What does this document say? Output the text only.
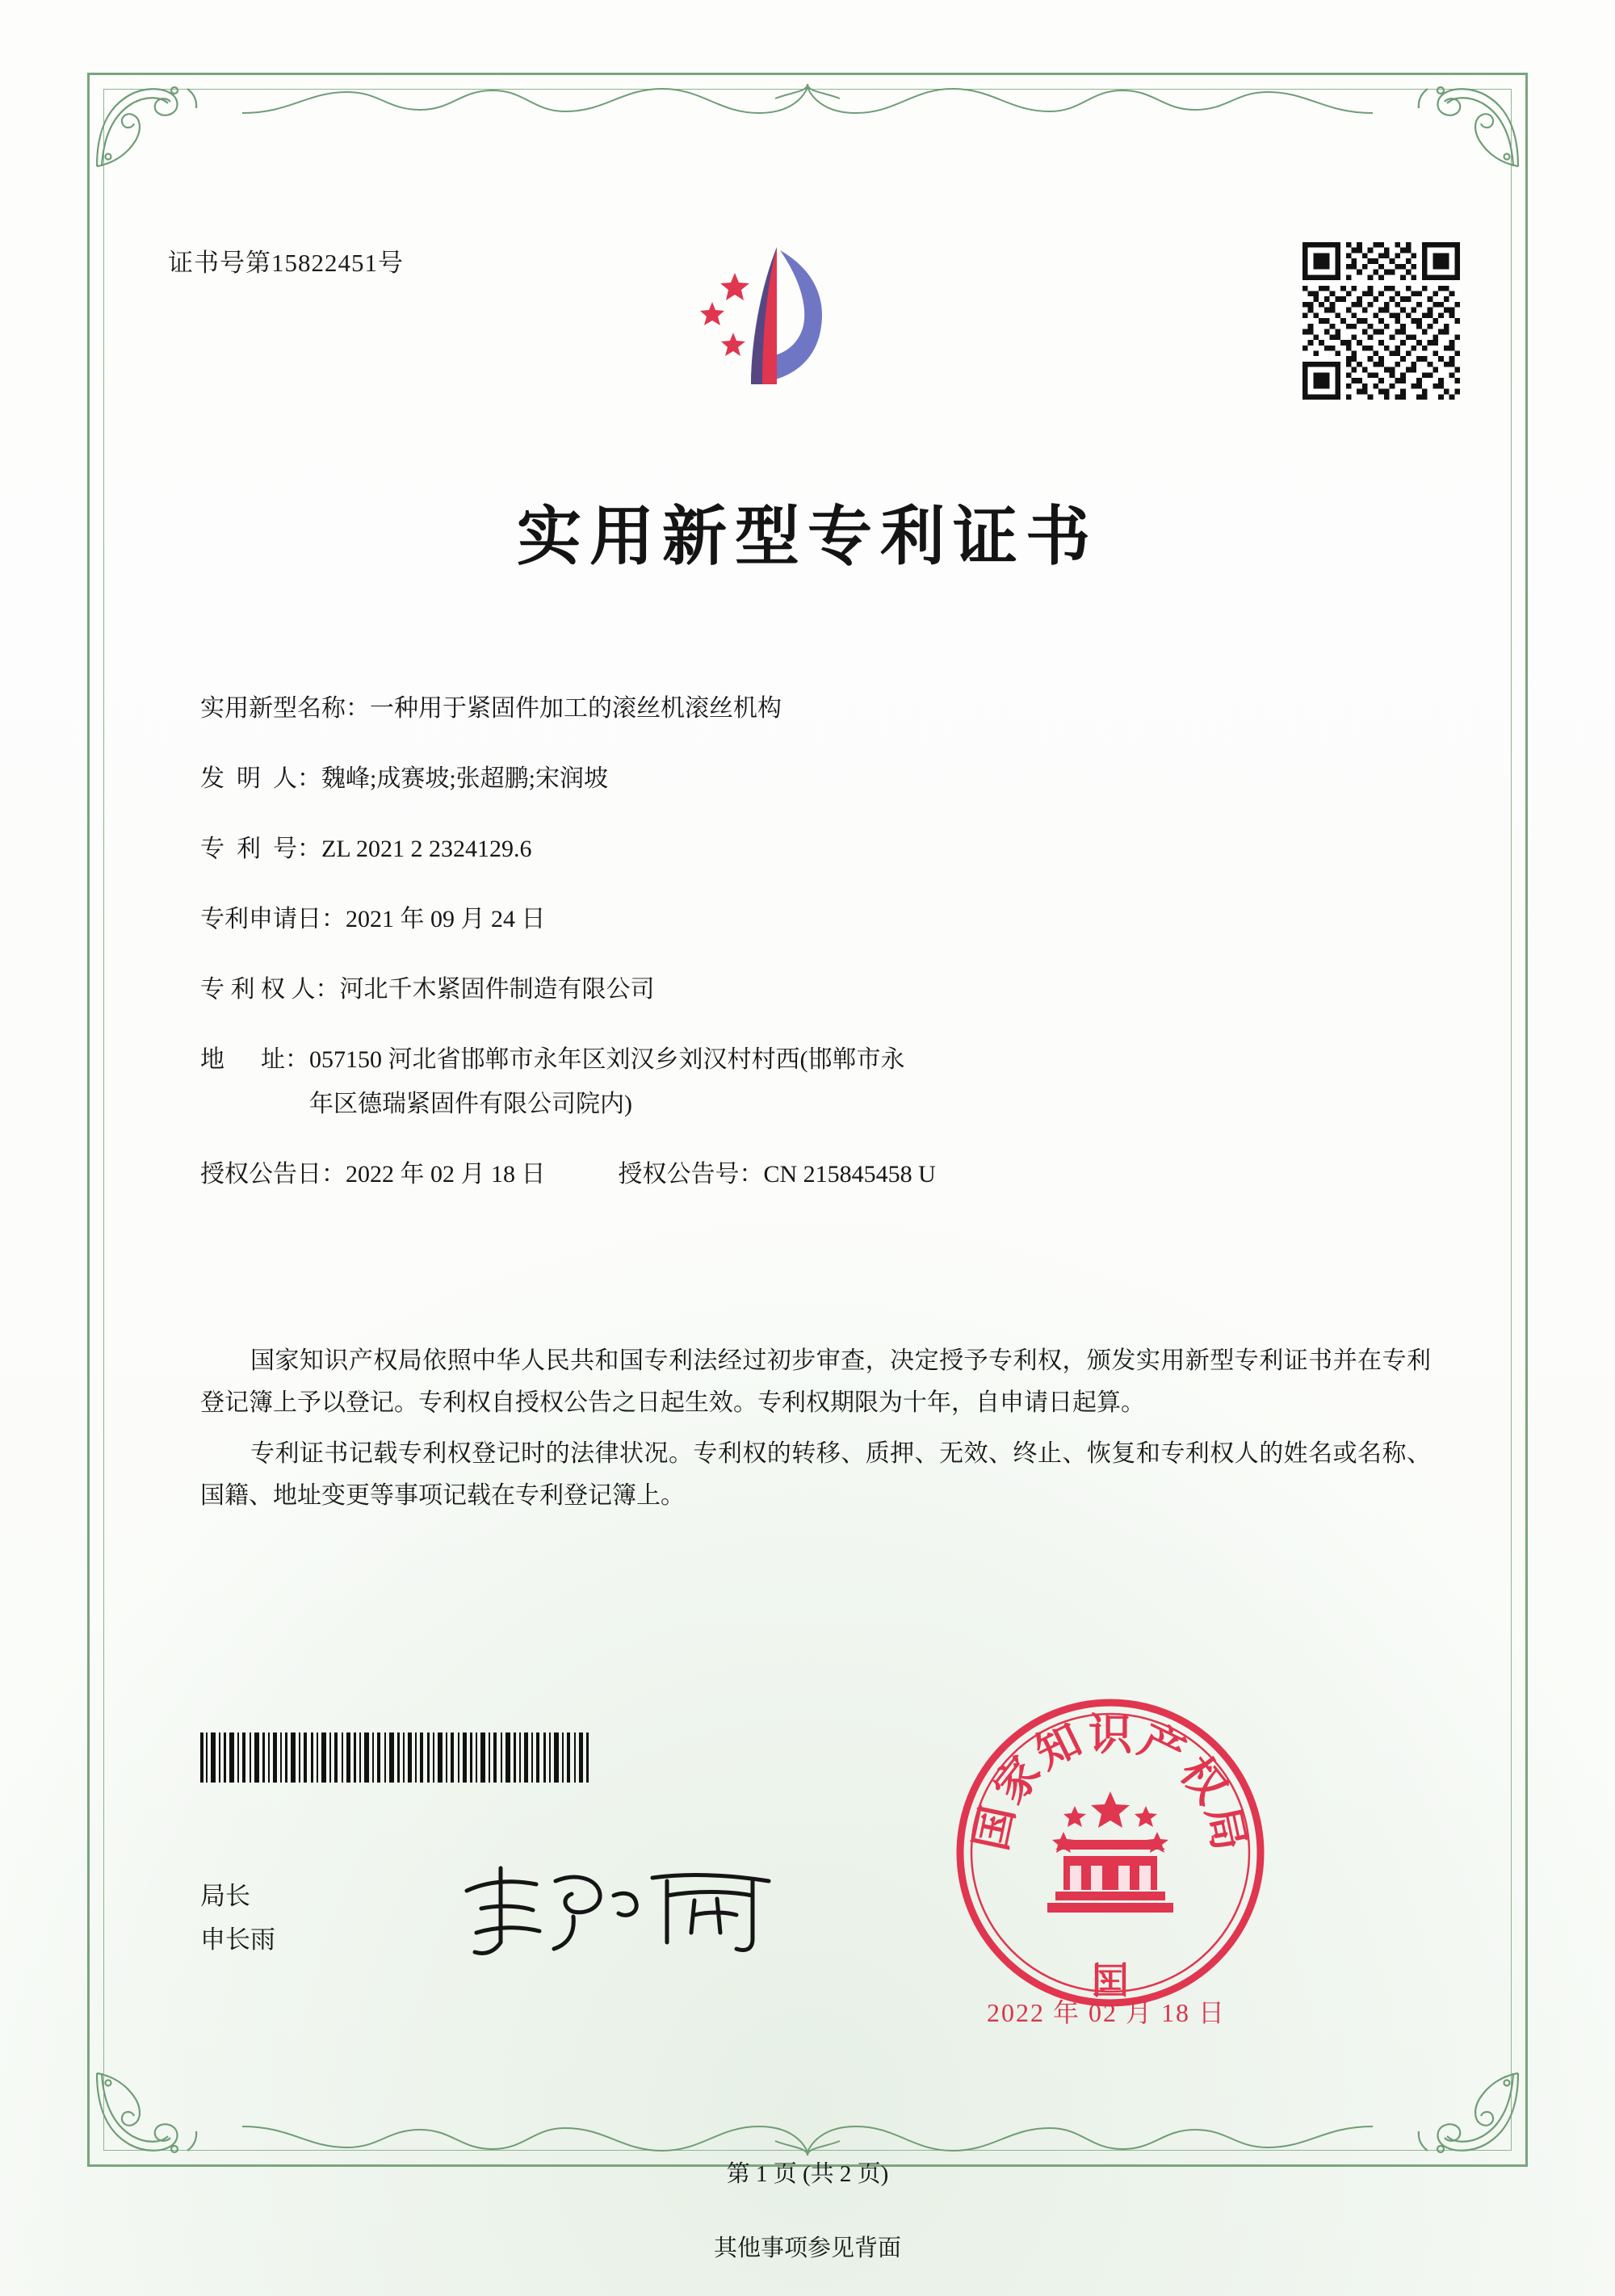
证书号第15822451号
实用新型专利证书
实用新型名称： 一种用于紧固件加工的滚丝机滚丝机构
发  明  人： 魏峰;成赛坡;张超鹏;宋润坡
专  利  号： ZL 2021 2 2324129.6
专利申请日： 2021 年 09 月 24 日
专 利 权 人： 河北千木紧固件制造有限公司
地      址： 057150 河北省邯郸市永年区刘汉乡刘汉村村西(邯郸市永
年区德瑞紧固件有限公司院内)
授权公告日：2022 年 02 月 18 日	授权公告号：CN 215845458 U

国家知识产权局依照中华人民共和国专利法经过初步审查，决定授予专利权，颁发实用新型专利证书并在专利登记簿上予以登记。专利权自授权公告之日起生效。专利权期限为十年，自申请日起算。

专利证书记载专利权登记时的法律状况。专利权的转移、质押、无效、终止、恢复和专利权人的姓名或名称、国籍、地址变更等事项记载在专利登记簿上。

局长
申长雨
国
家
知 识 产
权
局
国
2022 年 02 月 18 日
第 1 页 (共 2 页)
其他事项参见背面
